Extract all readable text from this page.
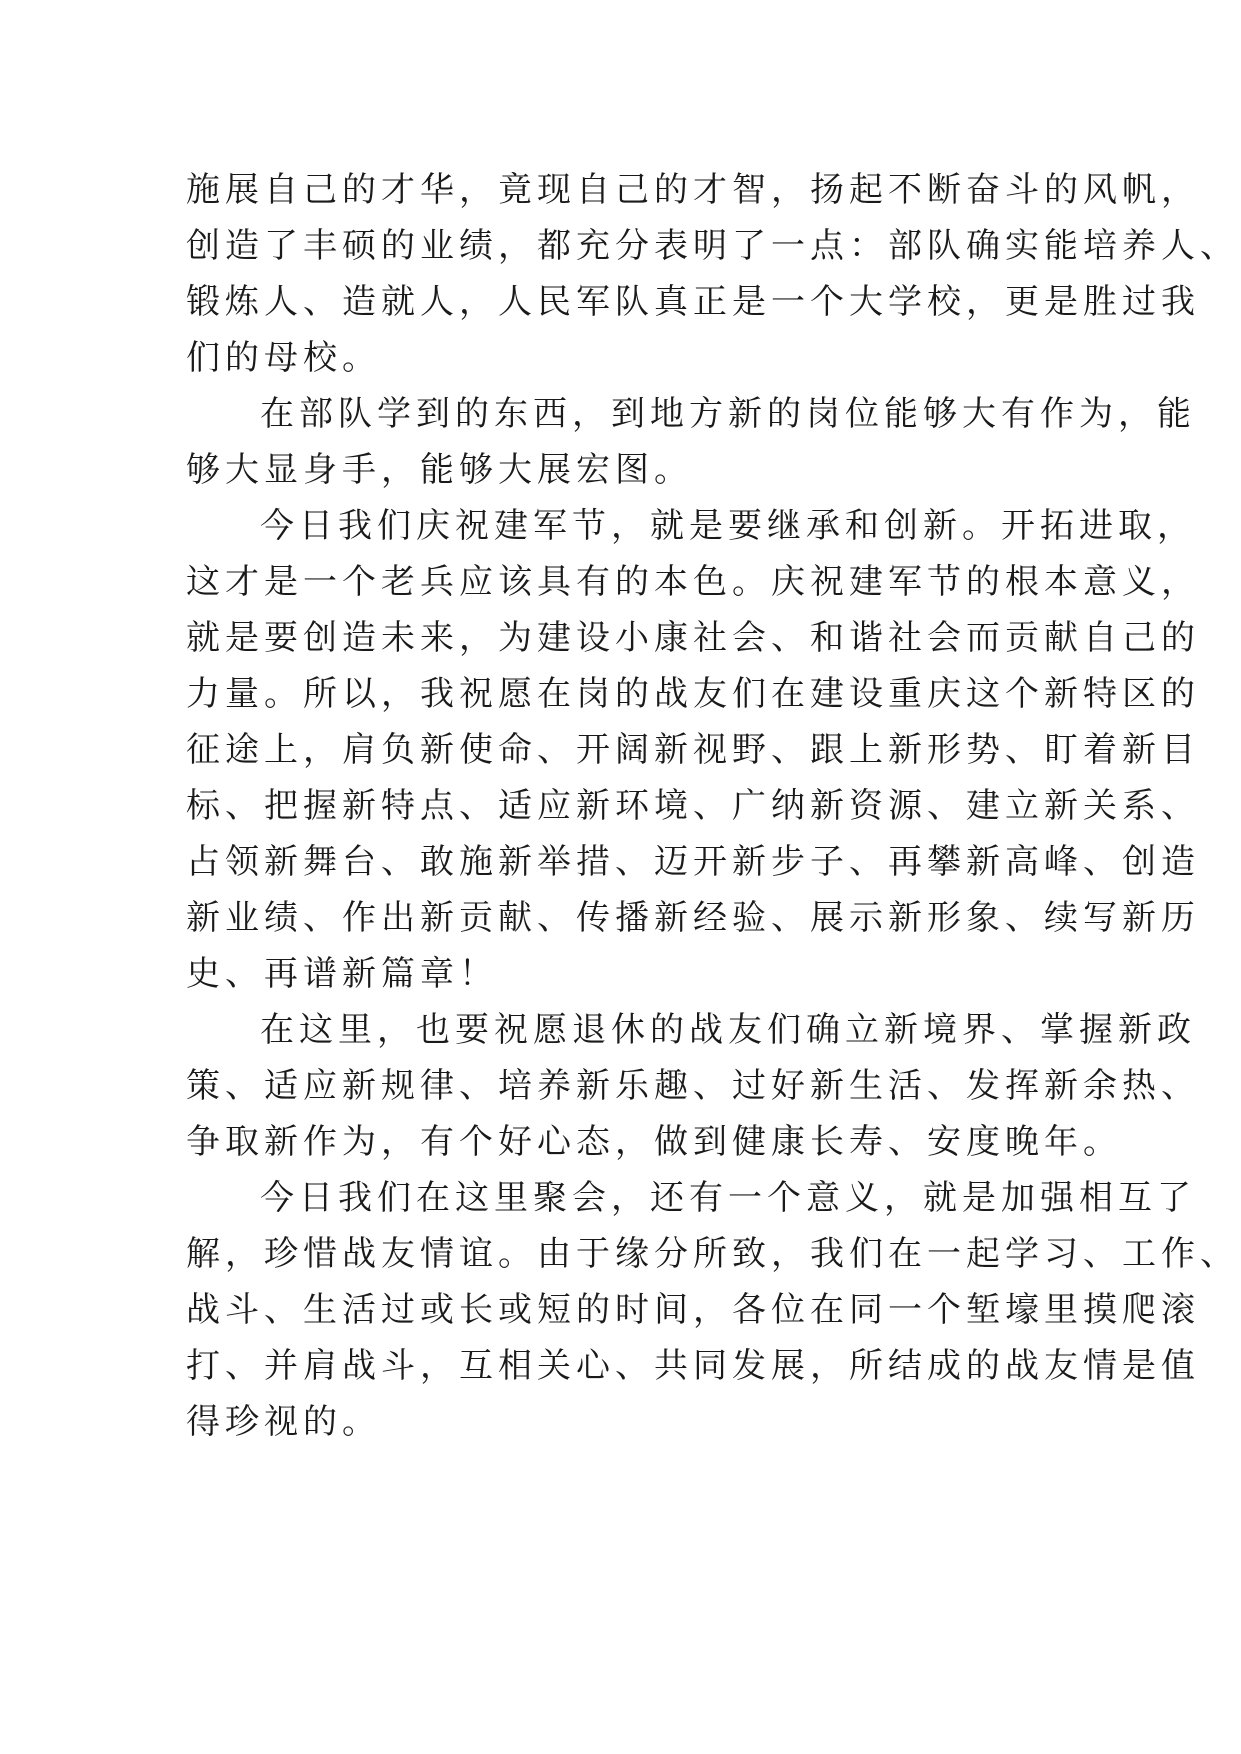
施展自己的才华，竟现自己的才智，扬起不断奋斗的风帆，
创造了丰硕的业绩，都充分表明了一点：部队确实能培养人、
锻炼人、造就人，人民军队真正是一个大学校，更是胜过我
们的母校。
在部队学到的东西，到地方新的岗位能够大有作为，能
够大显身手，能够大展宏图。
今日我们庆祝建军节，就是要继承和创新。开拓进取，
这才是一个老兵应该具有的本色。庆祝建军节的根本意义，
就是要创造未来，为建设小康社会、和谐社会而贡献自己的
力量。所以，我祝愿在岗的战友们在建设重庆这个新特区的
征途上，肩负新使命、开阔新视野、跟上新形势、盯着新目
标、把握新特点、适应新环境、广纳新资源、建立新关系、
占领新舞台、敢施新举措、迈开新步子、再攀新高峰、创造
新业绩、作出新贡献、传播新经验、展示新形象、续写新历
史、再谱新篇章！
在这里，也要祝愿退休的战友们确立新境界、掌握新政
策、适应新规律、培养新乐趣、过好新生活、发挥新余热、
争取新作为，有个好心态，做到健康长寿、安度晚年。
今日我们在这里聚会，还有一个意义，就是加强相互了
解，珍惜战友情谊。由于缘分所致，我们在一起学习、工作、
战斗、生活过或长或短的时间，各位在同一个堑壕里摸爬滚
打、并肩战斗，互相关心、共同发展，所结成的战友情是值
得珍视的。
